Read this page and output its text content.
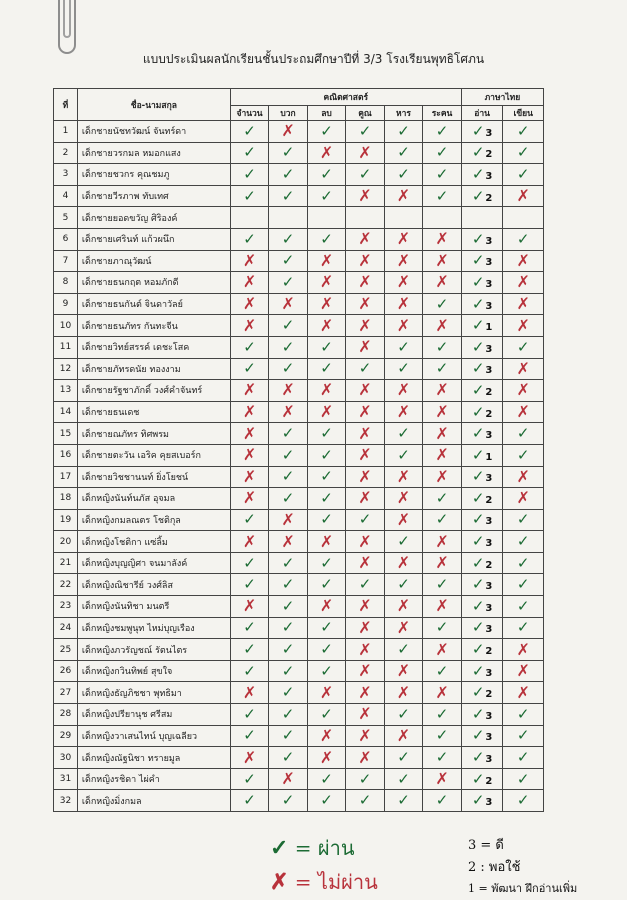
แบบประเมินผลนักเรียนชั้นประถมศึกษาปีที่ 3/3 โรงเรียนพุทธิโศภน
ที่	ชื่อ-นามสกุล	คณิตศาสตร์						ภาษาไทย	
		จำนวน	บวก	ลบ	คูณ	หาร	ระคน	อ่าน	เขียน
1	เด็กชายนัชทวัฒน์ จันทร์ดา	✓	✗	✓	✓	✓	✓	✓3	✓
2	เด็กชายวรกมล หมอกแสง	✓	✓	✗	✗	✓	✓	✓2	✓
3	เด็กชายชวกร คุณชมภู	✓	✓	✓	✓	✓	✓	✓3	✓
4	เด็กชายวีรภาพ ทับเทศ	✓	✓	✓	✗	✗	✓	✓2	✗
5	เด็กชายยอดขวัญ ศิริองค์								
6	เด็กชายเศรินท์ แก้วผนึก	✓	✓	✓	✗	✗	✗	✓3	✓
7	เด็กชายภาณุวัฒน์	✗	✓	✗	✗	✗	✗	✓3	✗
8	เด็กชายธนกฤต หอมภักดี	✗	✓	✗	✗	✗	✗	✓3	✗
9	เด็กชายธนกันต์ จินดาวัลย์	✗	✗	✗	✗	✗	✓	✓3	✗
10	เด็กชายธนภัทร กันทะจีน	✗	✓	✗	✗	✗	✗	✓1	✗
11	เด็กชายวิทย์สรรค์ เดชะโสค	✓	✓	✓	✗	✓	✓	✓3	✓
12	เด็กชายภัทรดนัย ทองงาม	✓	✓	✓	✓	✓	✓	✓3	✗
13	เด็กชายรัฐชาภักดิ์ วงศ์คำจันทร์	✗	✗	✗	✗	✗	✗	✓2	✗
14	เด็กชายธนเดช	✗	✗	✗	✗	✗	✗	✓2	✗
15	เด็กชายณภัทร ทิศพรม	✗	✓	✓	✗	✓	✗	✓3	✓
16	เด็กชายตะวัน เอริค คุยสเบอร์ก	✗	✓	✓	✗	✓	✗	✓1	✓
17	เด็กชายวิชชานนท์ ยิ่งโยชน์	✗	✓	✓	✗	✗	✗	✓3	✗
18	เด็กหญิงนันท์นภัส อุจมล	✗	✓	✓	✗	✗	✓	✓2	✗
19	เด็กหญิงกมลณตร โชติกุล	✓	✗	✓	✓	✗	✓	✓3	✓
20	เด็กหญิงโชติกา แซ่ลิ้ม	✗	✗	✗	✗	✓	✗	✓3	✓
21	เด็กหญิงบุญญิศา จนมาลังค์	✓	✓	✓	✗	✗	✗	✓2	✓
22	เด็กหญิงณิชารีย์ วงศ์ลิส	✓	✓	✓	✓	✓	✓	✓3	✓
23	เด็กหญิงนันทิชา มนตรี	✗	✓	✗	✗	✗	✗	✓3	✓
24	เด็กหญิงชมพูนุท ไหม่บุญเรือง	✓	✓	✓	✗	✗	✓	✓3	✓
25	เด็กหญิงภวรัญชณ์ รัตนไตร	✓	✓	✓	✗	✓	✗	✓2	✗
26	เด็กหญิงกวินทิพย์ สุขใจ	✓	✓	✓	✗	✗	✓	✓3	✗
27	เด็กหญิงธัญภิชชา พุทธิมา	✗	✓	✗	✗	✗	✗	✓2	✗
28	เด็กหญิงปรียานุช ศรีสม	✓	✓	✓	✗	✓	✓	✓3	✓
29	เด็กหญิงวาเสนไทน์ บุญเฉลียว	✓	✓	✗	✗	✗	✓	✓3	✓
30	เด็กหญิงณัฐนิชา ทรายมูล	✗	✓	✗	✗	✓	✓	✓3	✓
31	เด็กหญิงรชิดา ไผ่คำ	✓	✗	✓	✓	✓	✗	✓2	✓
32	เด็กหญิงมิ่งกมล	✓	✓	✓	✓	✓	✓	✓3	✓
✓ = ผ่าน
✗ = ไม่ผ่าน
3 = ดี
2 : พอใช้
1 = พัฒนา ฝึกอ่านเพิ่ม
